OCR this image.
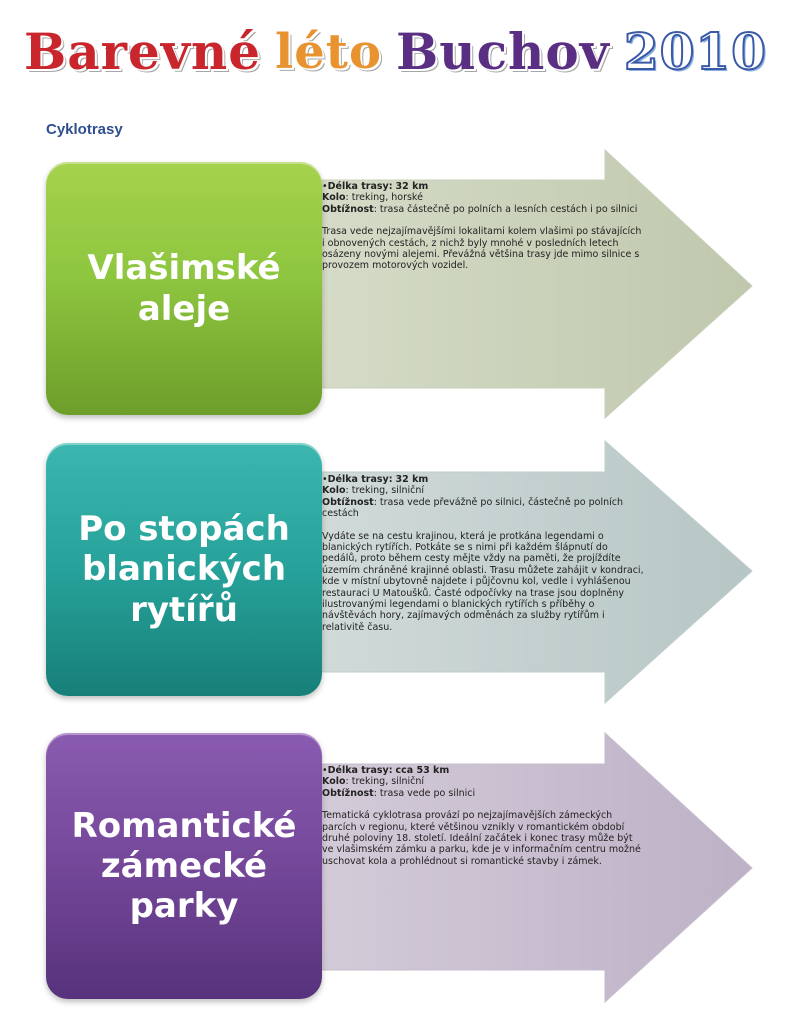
Barevné léto Buchov 2010
Cyklotrasy
Vlašimské aleje

•Délka trasy: 32 km

Kolo: treking, horské

Obtížnost: trasa částečně po polních a lesních cestách i po silnici

Trasa vede nejzajímavějšími lokalitami kolem vlašimi po stávajících i obnovených cestách, z nichž byly mnohé v posledních letech osázeny novými alejemi. Převážná většina trasy jde mimo silnice s provozem motorových vozidel.

Po stopách blanických rytířů

•Délka trasy: 32 km

Kolo: treking, silniční

Obtížnost: trasa vede převážně po silnici, částečně po polních cestách

Vydáte se na cestu krajinou, která je protkána legendami o blanických rytířích. Potkáte se s nimi při každém šlápnutí do pedálů, proto během cesty mějte vždy na paměti, že projíždíte územím chráněné krajinné oblasti. Trasu můžete zahájit v kondraci, kde v místní ubytovně najdete i půjčovnu kol, vedle i vyhlášenou restauraci U Matoušků. Časté odpočívky na trase jsou doplněny ilustrovanými legendami o blanických rytířích s příběhy o návštěvách hory, zajímavých odměnách za služby rytířům i relativitě času.

Romantické zámecké parky

•Délka trasy: cca 53 km

Kolo: treking, silniční

Obtížnost: trasa vede po silnici

Tematická cyklotrasa provází po nejzajímavějších zámeckých parcích v regionu, které většinou vznikly v romantickém období druhé poloviny 18. století. Ideální začátek i konec trasy může být ve vlašimském zámku a parku, kde je v informačním centru možné uschovat kola a prohlédnout si romantické stavby i zámek.
